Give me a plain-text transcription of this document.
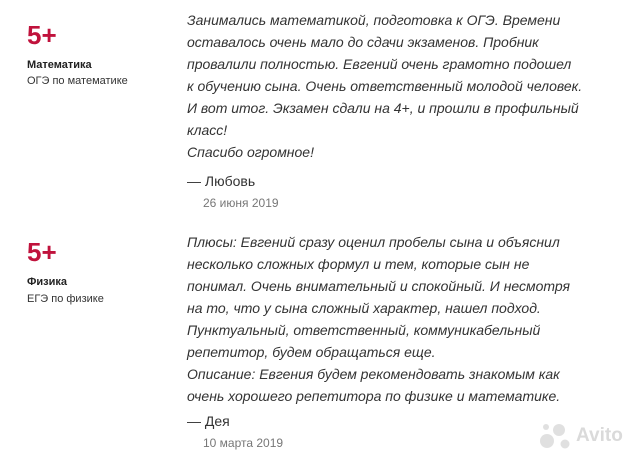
5+
Математика
ОГЭ по математике

Занимались математикой, подготовка к ОГЭ. Времени

оставалось очень мало до сдачи экзаменов. Пробник

провалили полностью. Евгений очень грамотно подошел

к обучению сына. Очень ответственный молодой человек.

И вот итог. Экзамен сдали на 4+, и прошли в профильный

класс!

Спасибо огромное!

— Любовь
26 июня 2019
5+
Физика
ЕГЭ по физике

Плюсы: Евгений сразу оценил пробелы сына и объяснил

несколько сложных формул и тем, которые сын не

понимал. Очень внимательный и спокойный. И несмотря

на то, что у сына сложный характер, нашел подход.

Пунктуальный, ответственный, коммуникабельный

репетитор, будем обращаться еще.

Описание: Евгения будем рекомендовать знакомым как

очень хорошего репетитора по физике и математике.

— Дея
10 марта 2019	Avito
